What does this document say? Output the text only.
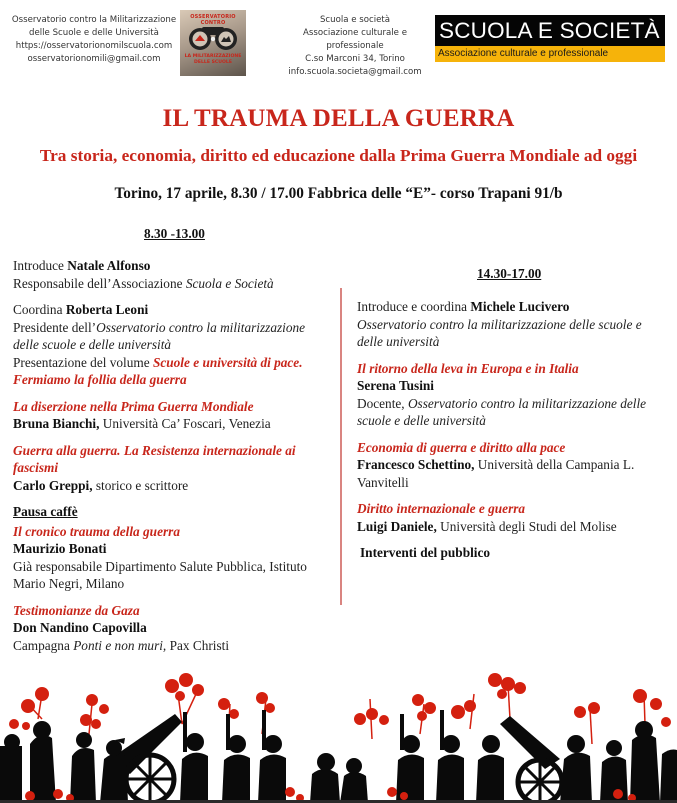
Osservatorio contro la Militarizzazione
delle Scuole e delle Università
https://osservatorionomilscuola.com
osservatorionomili@gmail.com
OSSERVATORIO CONTRO
LA MILITARIZZAZIONE DELLE SCUOLE
Scuola e società
Associazione culturale e professionale
C.so Marconi 34, Torino
info.scuola.societa@gmail.com
SCUOLA E SOCIETÀ
Associazione culturale e professionale
IL TRAUMA DELLA GUERRA
Tra storia, economia, diritto ed educazione dalla Prima Guerra Mondiale ad oggi
Torino, 17 aprile, 8.30 / 17.00 Fabbrica delle “E”- corso Trapani 91/b
8.30 -13.00
Introduce Natale Alfonso
Responsabile dell’Associazione Scuola e Società
Coordina Roberta Leoni
Presidente dell’Osservatorio contro la militarizzazione delle scuole e delle università
Presentazione del volume Scuole e università di pace. Fermiamo la follia della guerra
La diserzione nella Prima Guerra Mondiale
Bruna Bianchi, Università Ca’ Foscari, Venezia
Guerra alla guerra. La Resistenza internazionale ai fascismi
Carlo Greppi, storico e scrittore
Pausa caffè
Il cronico trauma della guerra
Maurizio Bonati
Già responsabile Dipartimento Salute Pubblica, Istituto Mario Negri, Milano
Testimonianze da Gaza
Don Nandino Capovilla
Campagna Ponti e non muri, Pax Christi
14.30-17.00
Introduce e coordina Michele Lucivero
Osservatorio contro la militarizzazione delle scuole e delle università
Il ritorno della leva in Europa e in Italia
Serena Tusini
Docente, Osservatorio contro la militarizzazione delle scuole e delle università
Economia di guerra e diritto alla pace
Francesco Schettino, Università della Campania L. Vanvitelli
Diritto internazionale e guerra
Luigi Daniele, Università degli Studi del Molise
Interventi del pubblico
